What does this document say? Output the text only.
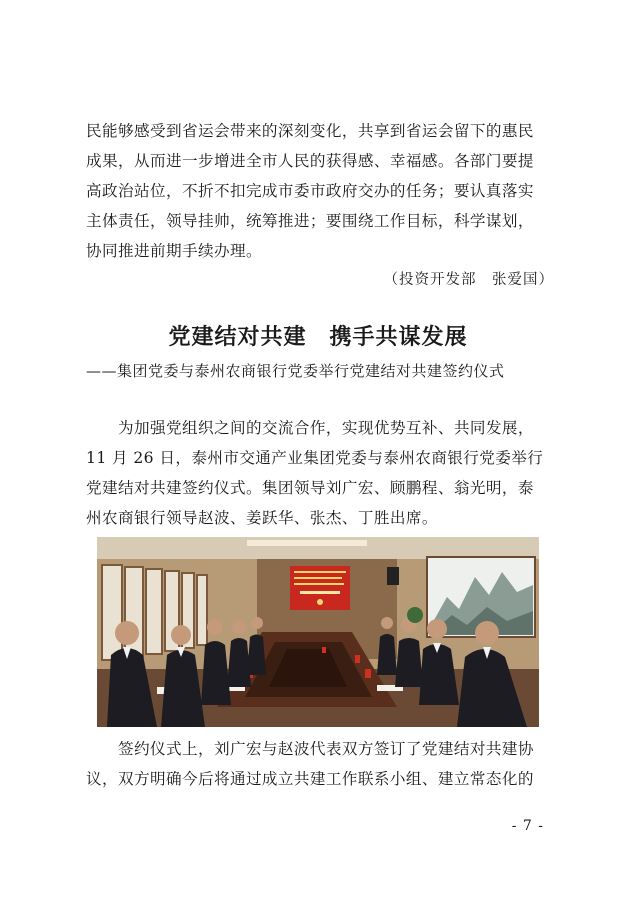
民能够感受到省运会带来的深刻变化，共享到省运会留下的惠民
成果，从而进一步增进全市人民的获得感、幸福感。各部门要提
高政治站位，不折不扣完成市委市政府交办的任务；要认真落实
主体责任，领导挂帅，统筹推进；要围绕工作目标，科学谋划，
协同推进前期手续办理。
（投资开发部　张爱国）
党建结对共建　携手共谋发展
——集团党委与泰州农商银行党委举行党建结对共建签约仪式
　　为加强党组织之间的交流合作，实现优势互补、共同发展，
11 月 26 日，泰州市交通产业集团党委与泰州农商银行党委举行
党建结对共建签约仪式。集团领导刘广宏、顾鹏程、翁光明，泰
州农商银行领导赵波、姜跃华、张杰、丁胜出席。
　　签约仪式上，刘广宏与赵波代表双方签订了党建结对共建协
议，双方明确今后将通过成立共建工作联系小组、建立常态化的
- 7 -
